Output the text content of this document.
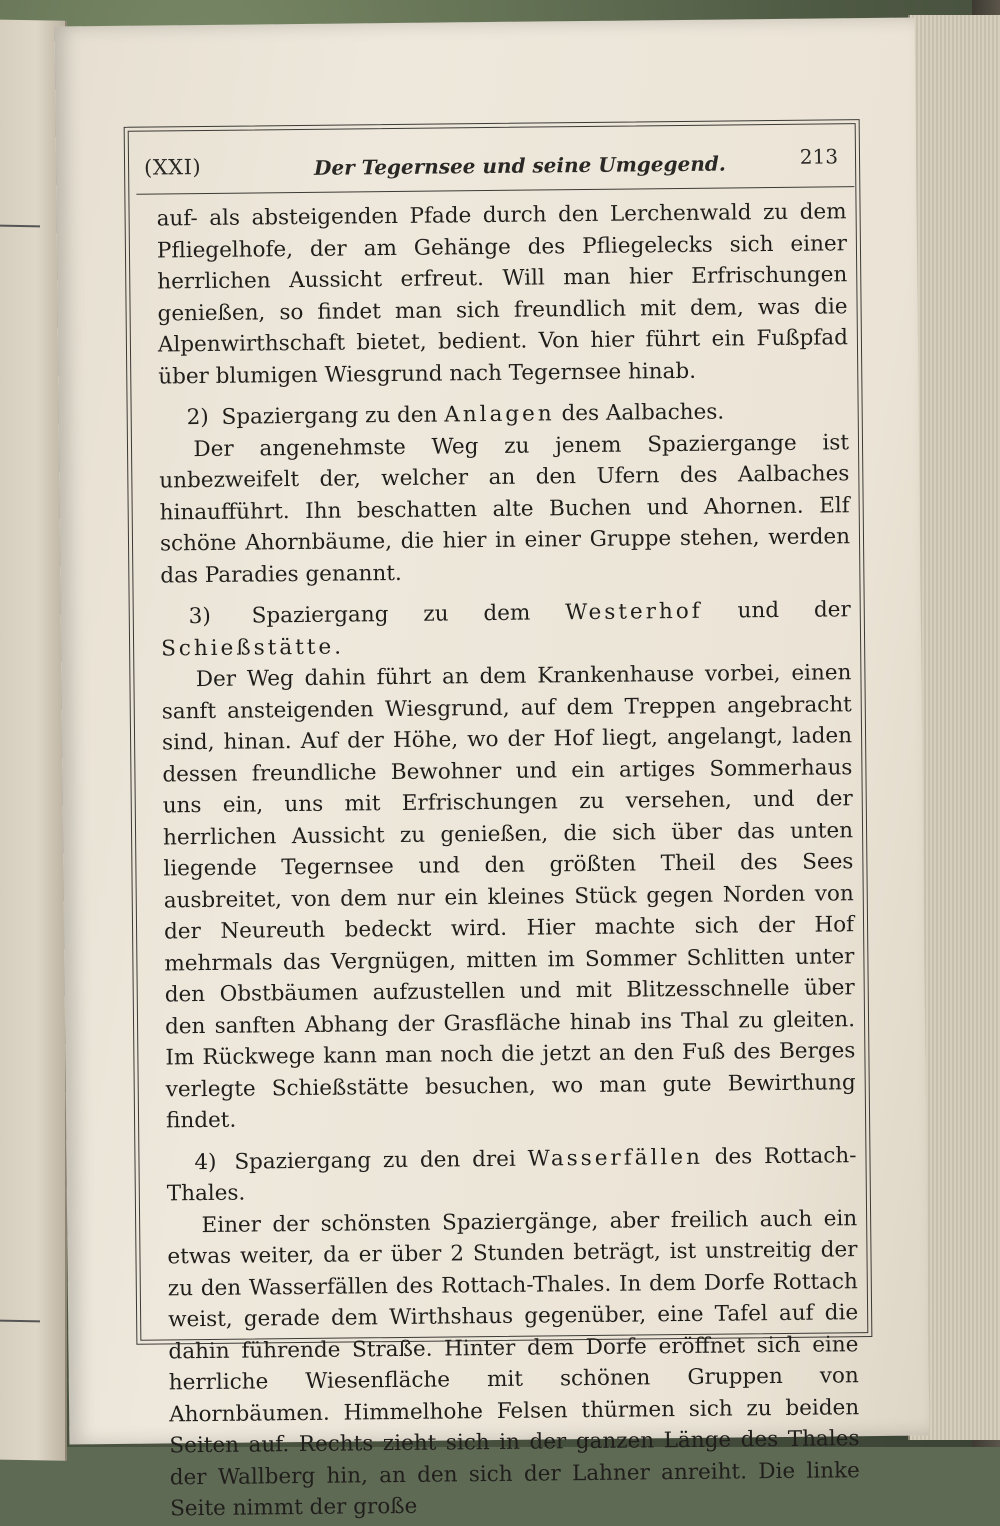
(XXI)	Der Tegernsee und seine Umgegend.	213

auf- als absteigenden Pfade durch den Lerchenwald zu dem Pfliegelhofe, der am Gehänge des Pfliegelecks sich einer herrlichen Aussicht erfreut. Will man hier Erfrischungen genießen, so findet man sich freundlich mit dem, was die Alpenwirthschaft bietet, bedient. Von hier führt ein Fußpfad über blumigen Wiesgrund nach Tegernsee hinab.

2) Spaziergang zu den Anlagen des Aalbaches.

Der angenehmste Weg zu jenem Spaziergange ist unbezweifelt der, welcher an den Ufern des Aalbaches hinaufführt. Ihn beschatten alte Buchen und Ahornen. Elf schöne Ahornbäume, die hier in einer Gruppe stehen, werden das Paradies genannt.

3) Spaziergang zu dem Westerhof und der Schießstätte.

Der Weg dahin führt an dem Krankenhause vorbei, einen sanft ansteigenden Wiesgrund, auf dem Treppen angebracht sind, hinan. Auf der Höhe, wo der Hof liegt, angelangt, laden dessen freundliche Bewohner und ein artiges Sommerhaus uns ein, uns mit Erfrischungen zu versehen, und der herrlichen Aussicht zu genießen, die sich über das unten liegende Tegernsee und den größten Theil des Sees ausbreitet, von dem nur ein kleines Stück gegen Norden von der Neureuth bedeckt wird. Hier machte sich der Hof mehrmals das Vergnügen, mitten im Sommer Schlitten unter den Obstbäumen aufzustellen und mit Blitzesschnelle über den sanften Abhang der Grasfläche hinab ins Thal zu gleiten. Im Rückwege kann man noch die jetzt an den Fuß des Berges verlegte Schießstätte besuchen, wo man gute Bewirthung findet.

4) Spaziergang zu den drei Wasserfällen des Rottach-Thales.

Einer der schönsten Spaziergänge, aber freilich auch ein etwas weiter, da er über 2 Stunden beträgt, ist unstreitig der zu den Wasserfällen des Rottach-Thales. In dem Dorfe Rottach weist, gerade dem Wirthshaus gegenüber, eine Tafel auf die dahin führende Straße. Hinter dem Dorfe eröffnet sich eine herrliche Wiesenfläche mit schönen Gruppen von Ahornbäumen. Himmelhohe Felsen thürmen sich zu beiden Seiten auf. Rechts zieht sich in der ganzen Länge des Thales der Wallberg hin, an den sich der Lahner anreiht. Die linke Seite nimmt der große
